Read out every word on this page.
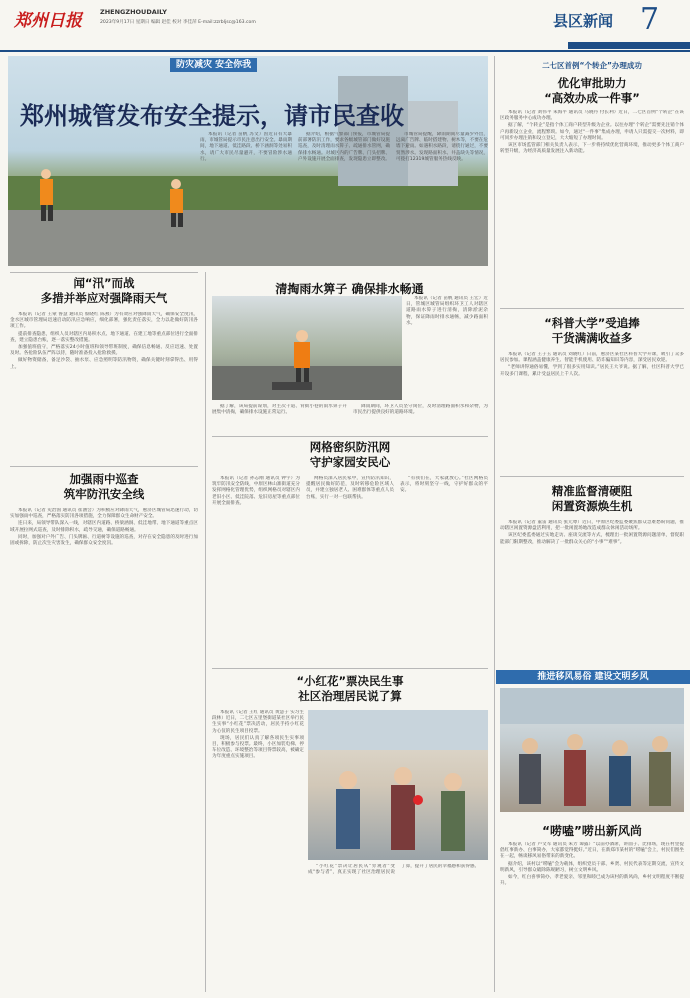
郑州日报	ZHENGZHOUDAILY
2023年9月17日 星期日 编辑 赵佳 校对 李佳萍 E-mail:zzrbljsc@163.com	县区新闻 7
防灾减灾 安全你我
郑州城管发布安全提示，请市民查收

本报讯（记者 苗帆 苏文）因近日有大暴雨，市城管局提示市民注意出行安全。暴雨期间，地下通道、低洼路段、桥下涵洞等处易积水，请广大市民尽量避开，不要冒险涉水通行。

据介绍，根据气象部门预报，市城管局提前部署防汛工作，要求各级城管部门做好设施巡查，及时清理雨水箅子、疏通排水管网，确保排水畅通。对城区内的广告牌、门头招牌、户外设施开展全面排查，发现隐患立即整改。

市城管局提醒，降雨期间尽量减少外出，远离广告牌、临时搭建物、树木等，不要在危墙下避雨。如遇积水路段，请绕行通过，不要贸然涉水。发现路面积水、井盖缺失等情况，可拨打12319城管服务热线反映。

闻“汛”而战
多措并举应对强降雨天气

本报讯（记者 王蒙 鲁慧 通讯员 蔡晓红 陈燕）为有效应对强降雨天气，确保安全度汛，金水区城市管理局迅速启动防汛应急响应，细化部署，强化责任落实，全力以赴做好防汛各项工作。

提前排查隐患，组织人员对辖区内易积水点、地下通道、在建工地等重点部位进行全面排查，建立隐患台账，逐一落实整改措施。

加强值班值守，严格落实24小时值班和领导带班制度，确保信息畅通、反应迅速、处置及时。各抢险队伍严阵以待，随时准备投入抢险救援。

做好物资储备，备足沙袋、抽水泵、应急照明等防汛物资，确保关键时刻拿得出、用得上。

加强雨中巡查
筑牢防汛安全线

本报讯（记者 史治国 通讯员 崔涵会）为积极应对降雨天气，惠济区城管局迅速行动，切实加强雨中巡查，严格落实防汛各项措施，全力保障群众生命财产安全。

连日来，局领导带队深入一线，对辖区内道路、桥梁涵洞、低洼地带、地下通道等重点区域开展拉网式巡查，及时排除积水，疏导交通，确保道路畅通。

同时，加强对户外广告、门头牌匾、行道树等设施的巡查，对存在安全隐患的及时进行加固或拆除，防止次生灾害发生，确保群众安全度汛。

清掏雨水箅子 确保排水畅通

本报讯（记者 苗帆 通讯员 王宏）近日，管城区城管局组织环卫工人对辖区道路雨水箅子进行清掏，清除淤泥杂物，保证降雨时排水通畅，减少路面积水。

据了解，该局提前谋划，对主次干道、背街小巷的雨水箅子开展集中清掏，确保排水设施正常运行。

降雨期间，环卫人员坚守岗位，及时清理路面积水和杂物，为市民出行提供良好的道路环境。

网格密织防汛网
守护家园安民心

本报讯（记者 孙志刚 通讯员 钟宇）为筑牢防汛安全防线，中原区林山寨街道充分发挥网格化管理优势，组织网格员对辖区内老旧小区、低洼院落、危旧房屋等重点部位开展全面排查。

网格员深入居民家中，宣传防汛知识，提醒居民做好防范，及时转移危险区域人员，并建立独居老人、困难群体等重点人员台账，实行一对一包联帮扶。

“有我们在，大家就放心。”社区网格员表示，将时刻坚守一线，守护好群众的平安。

“小红花”票决民生事
社区治理居民说了算

本报讯（记者 王红 通讯员 黄慧子 实习生 段林）近日，二七区五里堡街道某社区举行民生实事“小红花”票决活动，居民手持小红花为心仪的民生项目投票。

现场，居民们认真了解各项民生实事项目，积极参与投票。最终，小区加装电梯、停车位改造、环境整治等项目得票较高，被确定为年度重点实施项目。

“小红花”票决让居民从“旁观者”变成“参与者”，真正实现了社区治理居民说了算，提升了居民的幸福感和获得感。

二七区首例“个转企”办理成功
优化审批助力
“高效办成一件事”

本报讯（记者 刘伟平 朱海平 通讯员 马晓丹 付长利）近日，二七区首例“个转企”在该区政务服务中心成功办理。

据了解，“个转企”是指个体工商户转型升级为企业。以往办理“个转企”需要先注销个体户再新设立企业，流程繁琐。如今，通过“一件事”集成办理，申请人只需提交一次材料，即可同步办理注销和设立登记，大大缩短了办理时间。

该区市场监管部门相关负责人表示，下一步将持续优化营商环境，推动更多个体工商户转型升级，为经济高质量发展注入新动能。

“科普大学”受追捧
干货满满收益多

本报讯（记者 王子玉 通讯员 刘晓红）日前，惠济区某社区科普大学开课，吸引了众多居民参加。课程涵盖健康养生、智能手机使用、防诈骗知识等内容，深受居民欢迎。

“老师讲得通俗易懂，学到了很多实用知识。”居民王大爷说。据了解，社区科普大学已开设多门课程，累计受益居民上千人次。

精准监督清硬阻
闲置资源焕生机

本报讯（记者 董雷 通讯员 张元尊）近日，中原区纪委监委聚焦群众急难愁盼问题，推动辖区闲置资源盘活利用，把一批闲置场地改造成群众休闲活动场所。

该区纪委监委通过实地走访、座谈交流等方式，梳理出一批闲置资源问题清单，督促职能部门限期整改，推动解决了一批群众关心的“小事”“难事”。

推进移风易俗 建设文明乡风
“唠嗑”唠出新风尚

本报讯（记者 卢文军 通讯员 朱芳 谭露）“以前办酒席，讲面子、比排场，现在村里提倡红事新办、白事简办，大家都觉得挺好。”近日，在新郑市某村的“唠嗑”会上，村民们围坐在一起，畅谈移风易俗带来的新变化。

据介绍，该村以“唠嗑”会为载体，组织党员干部、乡贤、村民代表等定期交流，宣传文明新风，引导群众破除陈规陋习，树立文明乡风。

如今，红白喜事简办、孝老爱亲、邻里和睦已成为该村的新风尚，乡村文明程度不断提升。
